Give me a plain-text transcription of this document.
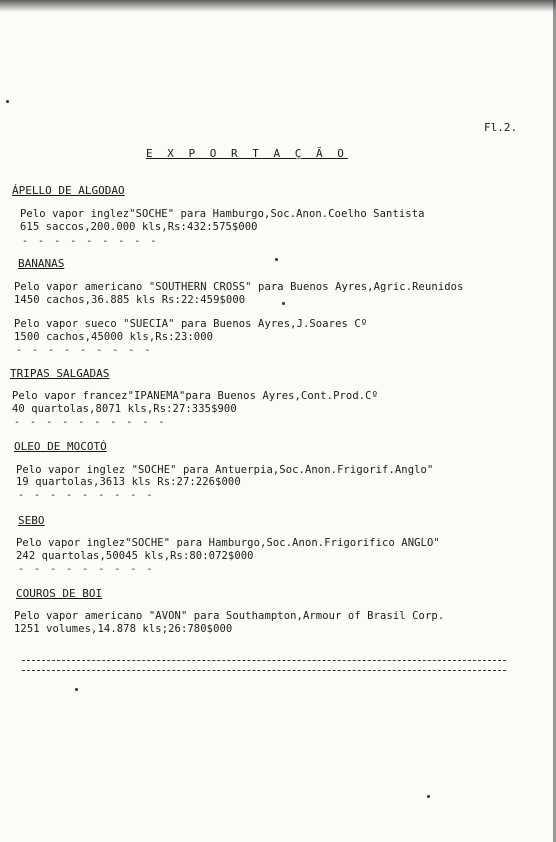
Fl.2.
E X P O R T A Ç Ã O
ÁPELLO DE ALGODAO
Pelo vapor inglez"SOCHE" para Hamburgo,Soc.Anon.Coelho Santista
615 saccos,200.000 kls,Rs:432:575$000
- - - - - - - - -
BANANAS
Pelo vapor americano "SOUTHERN CROSS" para Buenos Ayres,Agric.Reunidos
1450 cachos,36.885 kls Rs:22:459$000
Pelo vapor sueco "SUECIA" para Buenos Ayres,J.Soares Cº
1500 cachos,45000 kls,Rs:23:000
- - - - - - - - -
TRIPAS SALGADAS
Pelo vapor francez"IPANEMA"para Buenos Ayres,Cont.Prod.Cº
40 quartolas,8071 kls,Rs:27:335$900
- - - - - - - - - -
OLEO DE MOCOTÓ
Pelo vapor inglez "SOCHE" para Antuerpia,Soc.Anon.Frigorif.Anglo"
19 quartolas,3613 kls Rs:27:226$000
- - - - - - - - -
SEBO
Pelo vapor inglez"SOCHE" para Hamburgo,Soc.Anon.Frigorifico ANGLO"
242 quartolas,50045 kls,Rs:80:072$000
- - - - - - - - -
COUROS DE BOI
Pelo vapor americano "AVON" para Southampton,Armour of Brasil Corp.
1251 volumes,14.878 kls;26:780$000
